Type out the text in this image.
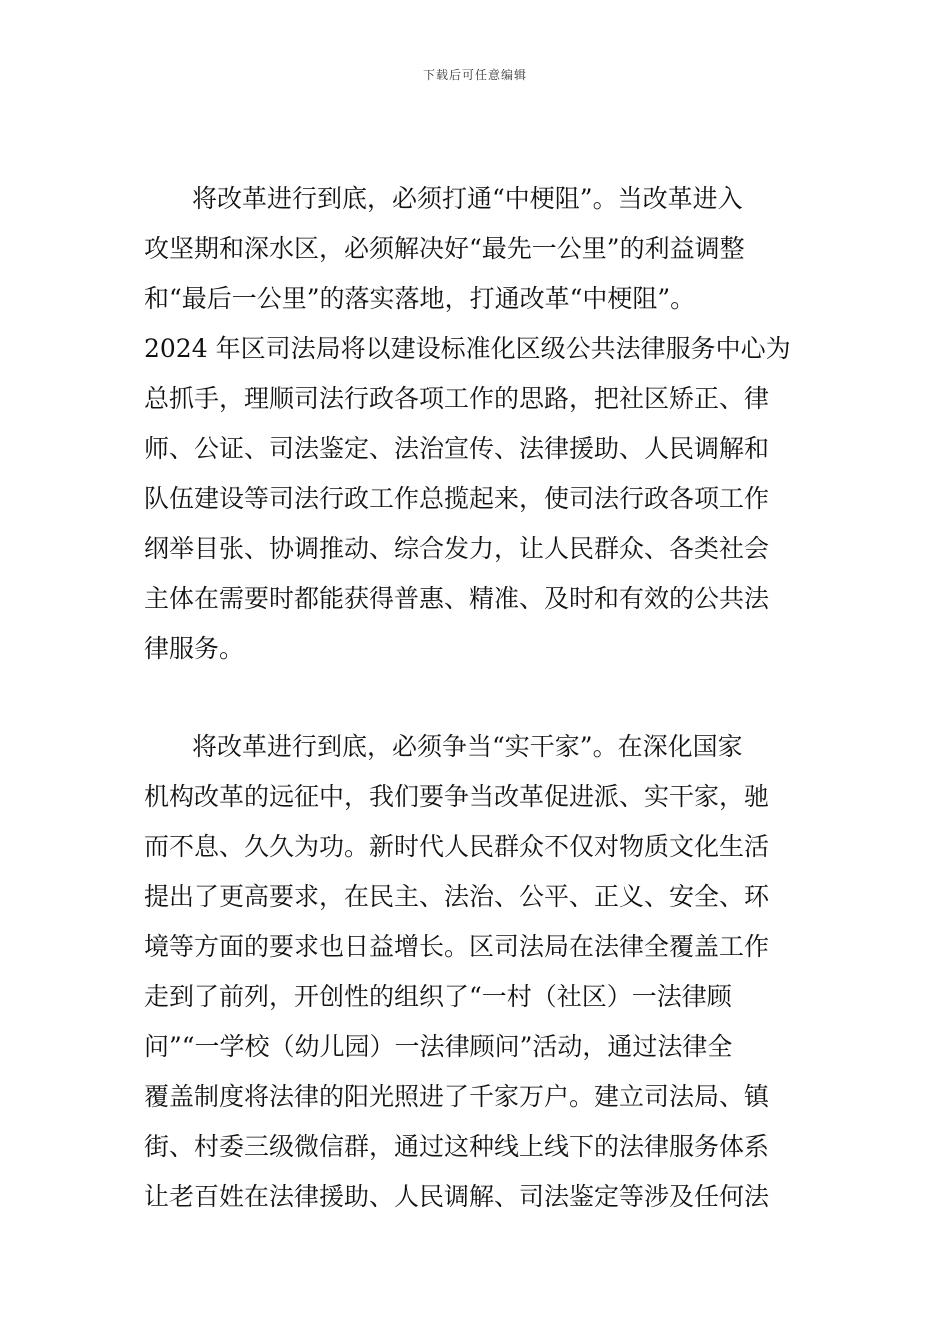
下载后可任意编辑
将改革进行到底，必须打通“中梗阻”。当改革进入
攻坚期和深水区，必须解决好“最先一公里”的利益调整
和“最后一公里”的落实落地，打通改革“中梗阻”。
2024 年区司法局将以建设标准化区级公共法律服务中心为
总抓手，理顺司法行政各项工作的思路，把社区矫正、律
师、公证、司法鉴定、法治宣传、法律援助、人民调解和
队伍建设等司法行政工作总揽起来，使司法行政各项工作
纲举目张、协调推动、综合发力，让人民群众、各类社会
主体在需要时都能获得普惠、精准、及时和有效的公共法
律服务。
将改革进行到底，必须争当“实干家”。在深化国家
机构改革的远征中，我们要争当改革促进派、实干家，驰
而不息、久久为功。新时代人民群众不仅对物质文化生活
提出了更高要求，在民主、法治、公平、正义、安全、环
境等方面的要求也日益增长。区司法局在法律全覆盖工作
走到了前列，开创性的组织了“一村（社区）一法律顾
问”“一学校（幼儿园）一法律顾问”活动，通过法律全
覆盖制度将法律的阳光照进了千家万户。建立司法局、镇
街、村委三级微信群，通过这种线上线下的法律服务体系
让老百姓在法律援助、人民调解、司法鉴定等涉及任何法
